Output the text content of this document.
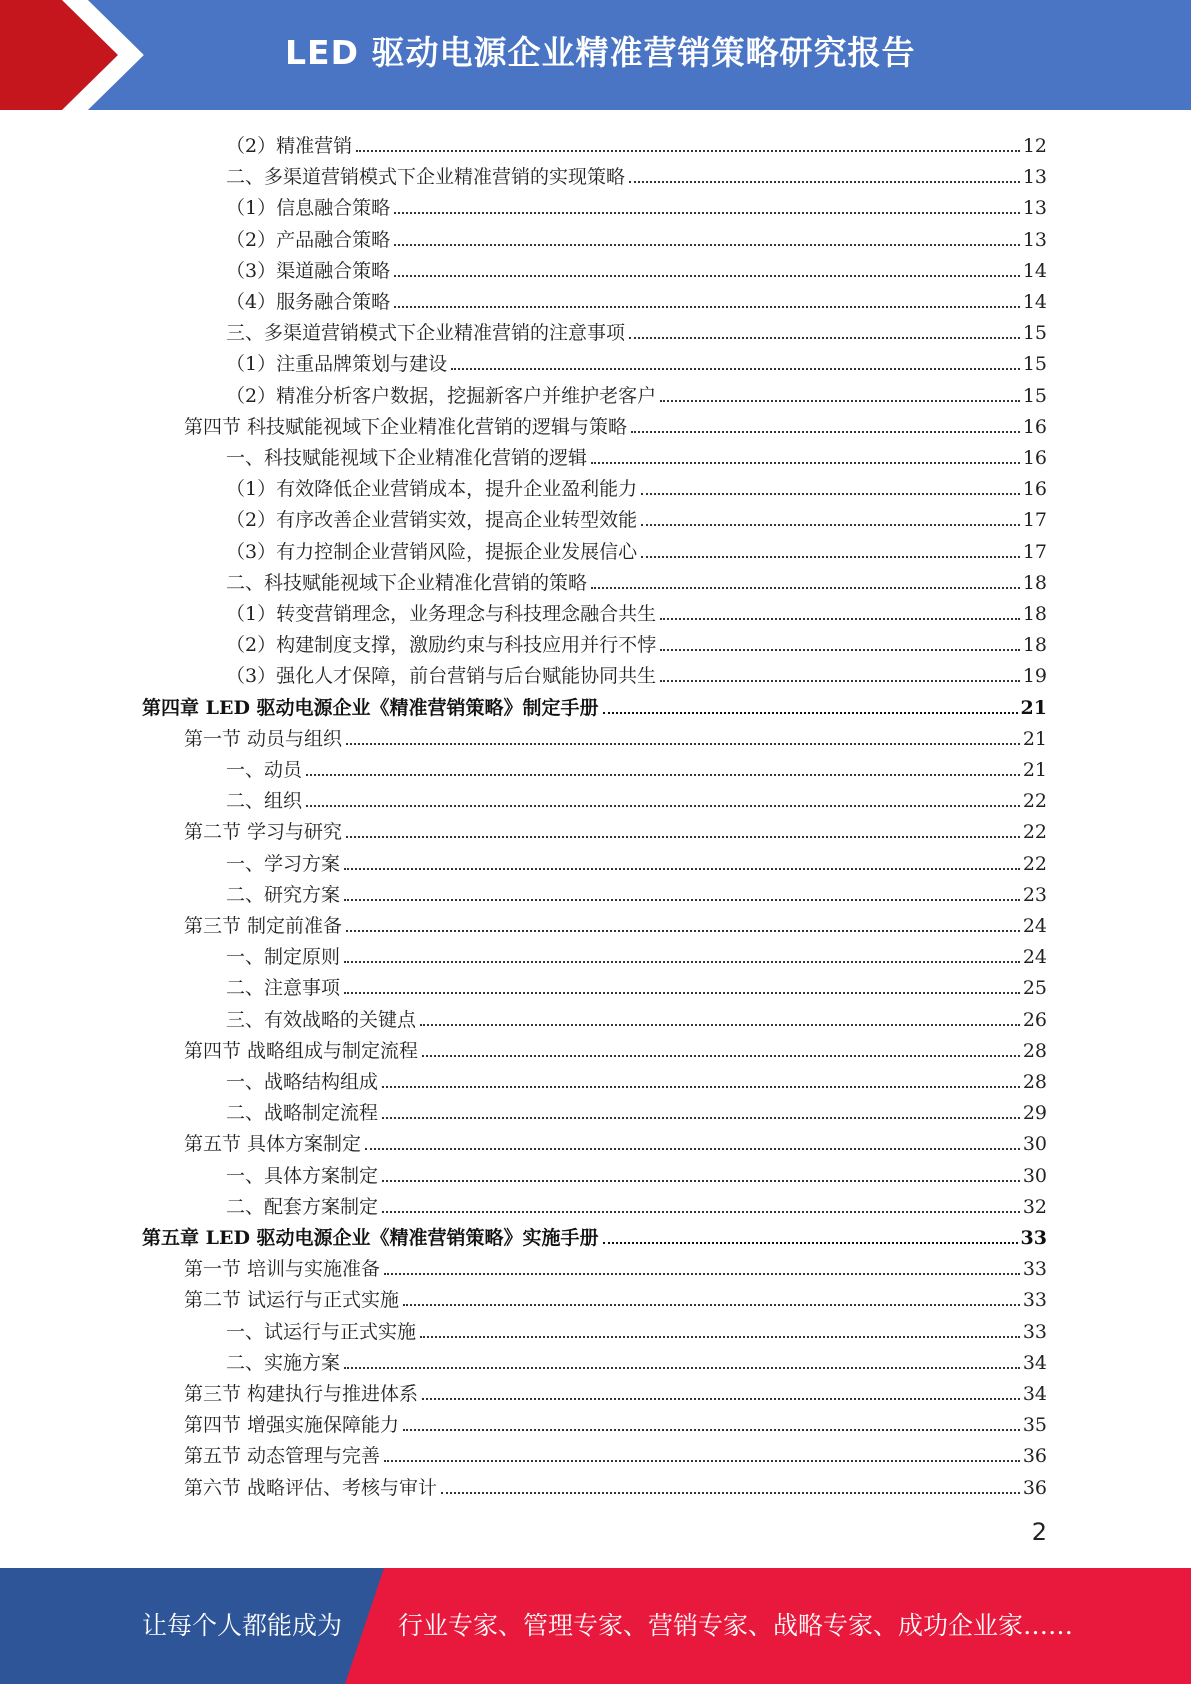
LED 驱动电源企业精准营销策略研究报告
（2）精准营销	12
二、多渠道营销模式下企业精准营销的实现策略	13
（1）信息融合策略	13
（2）产品融合策略	13
（3）渠道融合策略	14
（4）服务融合策略	14
三、多渠道营销模式下企业精准营销的注意事项	15
（1）注重品牌策划与建设	15
（2）精准分析客户数据，挖掘新客户并维护老客户	15
第四节 科技赋能视域下企业精准化营销的逻辑与策略	16
一、科技赋能视域下企业精准化营销的逻辑	16
（1）有效降低企业营销成本，提升企业盈利能力	16
（2）有序改善企业营销实效，提高企业转型效能	17
（3）有力控制企业营销风险，提振企业发展信心	17
二、科技赋能视域下企业精准化营销的策略	18
（1）转变营销理念，业务理念与科技理念融合共生	18
（2）构建制度支撑，激励约束与科技应用并行不悖	18
（3）强化人才保障，前台营销与后台赋能协同共生	19
第四章 LED 驱动电源企业《精准营销策略》制定手册	21
第一节 动员与组织	21
一、动员	21
二、组织	22
第二节 学习与研究	22
一、学习方案	22
二、研究方案	23
第三节 制定前准备	24
一、制定原则	24
二、注意事项	25
三、有效战略的关键点	26
第四节 战略组成与制定流程	28
一、战略结构组成	28
二、战略制定流程	29
第五节 具体方案制定	30
一、具体方案制定	30
二、配套方案制定	32
第五章 LED 驱动电源企业《精准营销策略》实施手册	33
第一节 培训与实施准备	33
第二节 试运行与正式实施	33
一、试运行与正式实施	33
二、实施方案	34
第三节 构建执行与推进体系	34
第四节 增强实施保障能力	35
第五节 动态管理与完善	36
第六节 战略评估、考核与审计	36
2
让每个人都能成为 行业专家、管理专家、营销专家、战略专家、成功企业家……
